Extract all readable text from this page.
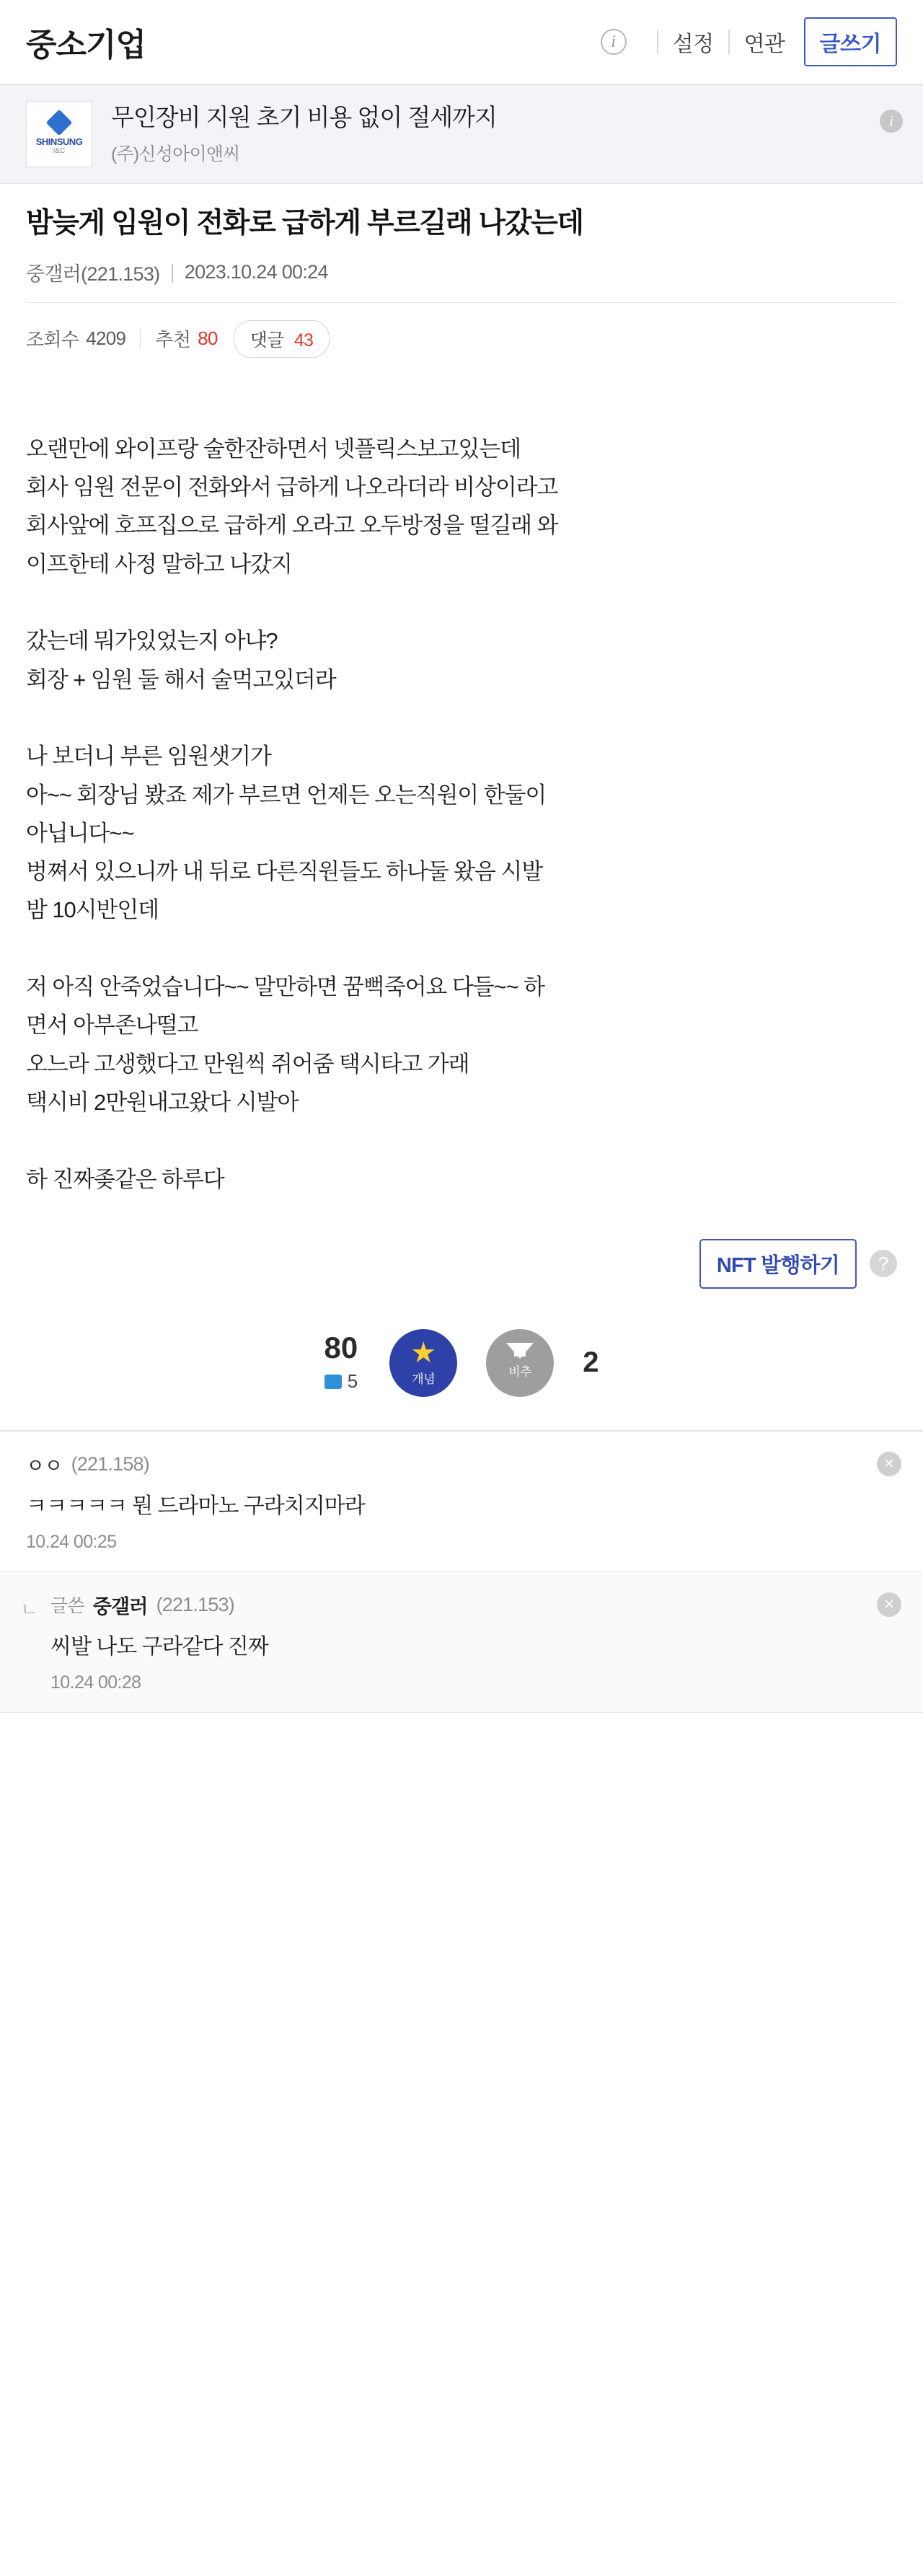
중소기업	i	설정 연관	글쓰기
SHINSUNG
I&C
무인장비 지원 초기 비용 없이 절세까지
(주)신성아이앤씨
i
밤늦게 임원이 전화로 급하게 부르길래 나갔는데
중갤러(221.153) | 2023.10.24 00:24
조회수 4209 추천 80	댓글 43

오랜만에 와이프랑 술한잔하면서 넷플릭스보고있는데

회사 임원 전문이 전화와서 급하게 나오라더라 비상이라고

회사앞에 호프집으로 급하게 오라고 오두방정을 떨길래 와

이프한테 사정 말하고 나갔지

갔는데 뭐가있었는지 아냐?

회장 + 임원 둘 해서 술먹고있더라

나 보더니 부른 임원샛기가

아~~ 회장님 봤죠 제가 부르면 언제든 오는직원이 한둘이

아닙니다~~

벙쪄서 있으니까 내 뒤로 다른직원들도 하나둘 왔음 시발

밤 10시반인데

저 아직 안죽었습니다~~ 말만하면 꿈뻑죽어요 다들~~ 하

면서 아부존나떨고

오느라 고생했다고 만원씩 쥐어줌 택시타고 가래

택시비 2만원내고왔다 시발아

하 진짜좆같은 하루다

NFT 발행하기	?
80
5
★
개념
비추 2
ㅇㅇ (221.158)
ㅋㅋㅋㅋㅋ 뭔 드라마노 구라치지마라
10.24 00:25
×
ㄴ 글쓴 중갤러 (221.153)
씨발 나도 구라같다 진짜
10.24 00:28
×
